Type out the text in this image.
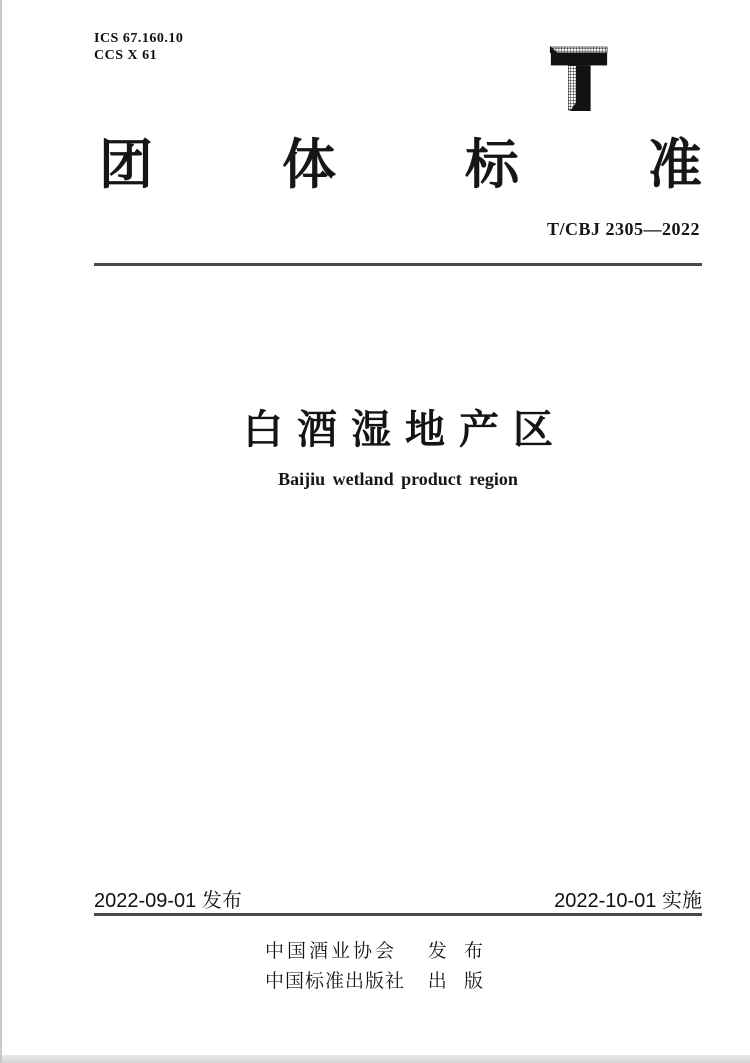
ICS 67.160.10
CCS X 61
团 体 标 准
T/CBJ 2305—2022
白酒湿地产区
Baijiu wetland product region
2022-09-01 发布	2022-10-01 实施
中国酒业协会 发 布
中国标准出版社 出 版
